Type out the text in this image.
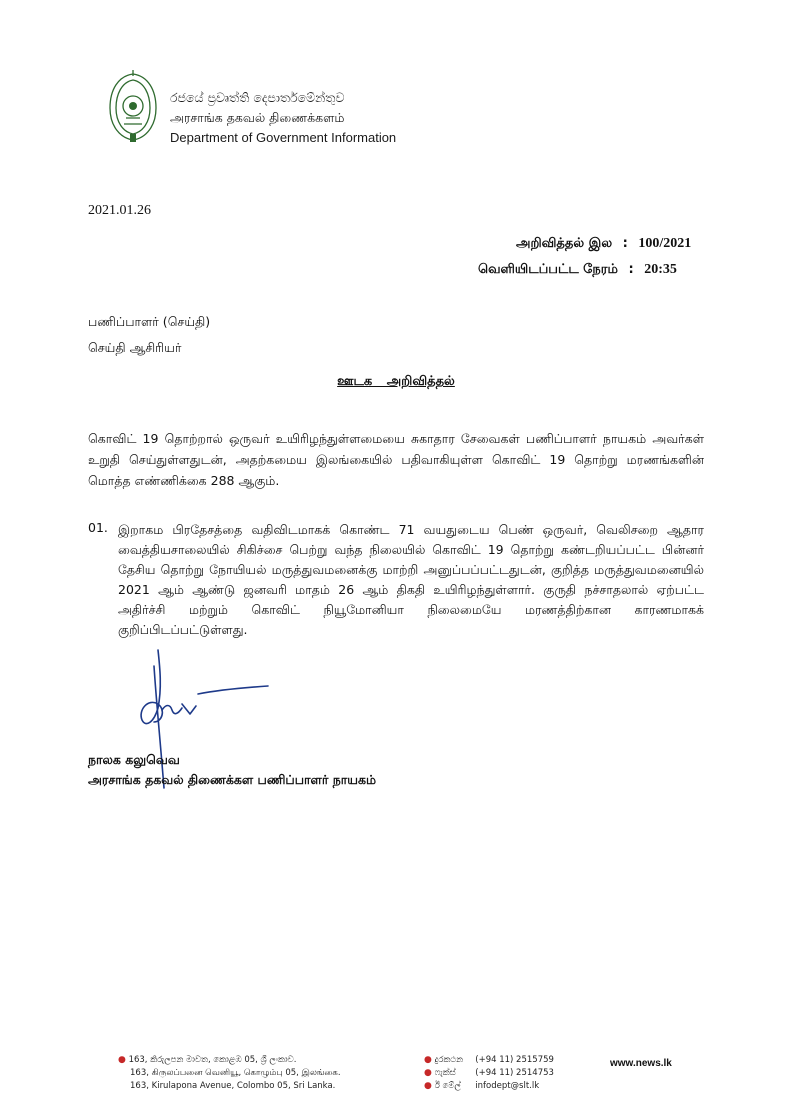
රජයේ ප්‍රවෘත්ති දෙපාර්තමේන්තුව
அரசாங்க தகவல் திணைக்களம்
Department of Government Information
2021.01.26
அறிவித்தல் இல : 100/2021
வெளியிடப்பட்ட நேரம் : 20:35
பணிப்பாளர் (செய்தி)
செய்தி ஆசிரியர்
ஊடக அறிவித்தல்
கொவிட் 19 தொற்றால் ஒருவர் உயிரிழந்துள்ளமையை சுகாதார சேவைகள் பணிப்பாளர் நாயகம் அவர்கள் உறுதி செய்துள்ளதுடன், அதற்கமைய இலங்கையில் பதிவாகியுள்ள கொவிட் 19 தொற்று மரணங்களின் மொத்த எண்ணிக்கை 288 ஆகும்.
01. இறாகம பிரதேசத்தை வதிவிடமாகக் கொண்ட 71 வயதுடைய பெண் ஒருவர், வெலிசறை ஆதார வைத்தியசாலையில் சிகிச்சை பெற்று வந்த நிலையில் கொவிட் 19 தொற்று கண்டறியப்பட்ட பின்னர் தேசிய தொற்று நோயியல் மருத்துவமனைக்கு மாற்றி அனுப்பப்பட்டதுடன், குறித்த மருத்துவமனையில் 2021 ஆம் ஆண்டு ஜனவரி மாதம் 26 ஆம் திகதி உயிரிழந்துள்ளார். குருதி நச்சாதலால் ஏற்பட்ட அதிர்ச்சி மற்றும் கொவிட் நியூமோனியா நிலைமையே மரணத்திற்கான காரணமாகக் குறிப்பிடப்பட்டுள்ளது.
நாலக கலுவெவ
அரசாங்க தகவல் திணைக்கள பணிப்பாளர் நாயகம்
● 163, කිරුලපන මාවත, කොළඹ 05, ශ්‍රී ලංකාව.
163, கிருலப்பனை வெனியூ, கொழும்பு 05, இலங்கை.
163, Kirulapona Avenue, Colombo 05, Sri Lanka.
● දුරකථන (+94 11) 2515759
● ෆැක්ස් (+94 11) 2514753
● ඊ මේල් infodept@slt.lk
www.news.lk
